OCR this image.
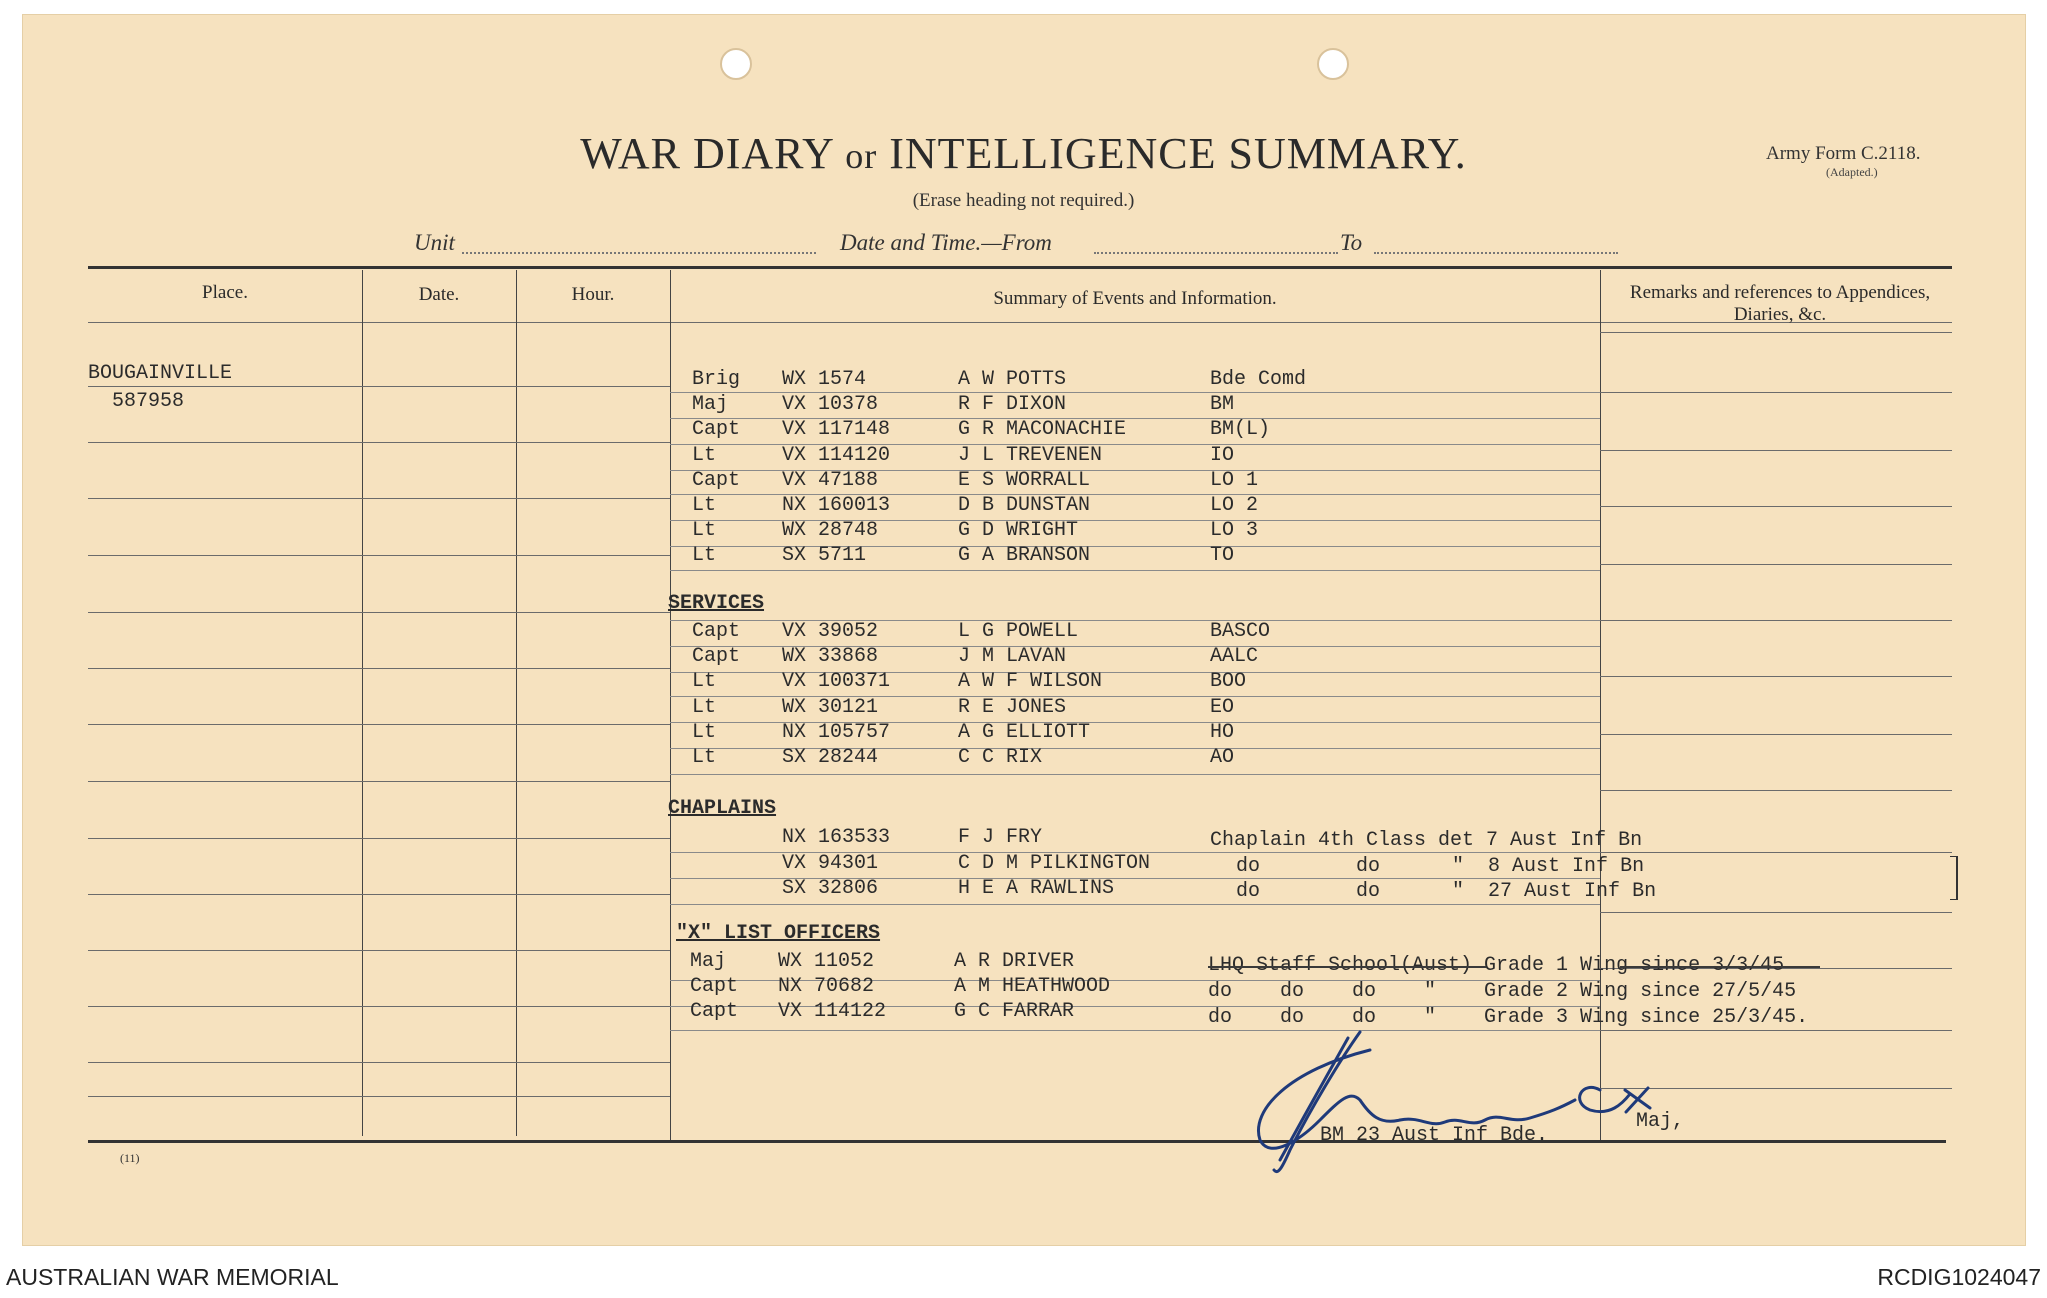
WAR DIARY or INTELLIGENCE SUMMARY.
(Erase heading not required.)
Army Form C.2118.
(Adapted.)
Unit	Date and Time.—From	To
Place.	Date.	Hour.	Summary of Events and Information.	Remarks and references to Appendices, Diaries, &c.
BOUGAINVILLE
587958
Brig WX 1574	A W POTTS	Bde Comd
Maj	VX 10378	R F DIXON	BM
Capt VX 117148	G R MACONACHIE	BM(L)
Lt	VX 114120	J L TREVENEN	IO
Capt VX 47188	E S WORRALL	LO 1
Lt	NX 160013	D B DUNSTAN	LO 2
Lt	WX 28748	G D WRIGHT	LO 3
Lt	SX 5711	G A BRANSON	TO
SERVICES
Capt VX 39052	L G POWELL	BASCO
Capt WX 33868	J M LAVAN	AALC
Lt	VX 100371	A W F WILSON	BOO
Lt	WX 30121	R E JONES	EO
Lt	NX 105757	A G ELLIOTT	HO
Lt	SX 28244	C C RIX	AO
CHAPLAINS
NX 163533	F J FRY	Chaplain 4th Class det 7 Aust Inf Bn
VX 94301	C D M PILKINGTON	do        do      "  8 Aust Inf Bn
SX 32806	H E A RAWLINS	do        do      "  27 Aust Inf Bn
"X" LIST OFFICERS
Maj	WX 11052	A R DRIVER	LHQ Staff School(Aust) Grade 1 Wing since 3/3/45
Capt NX 70682	A M HEATHWOOD	do    do    do    "    Grade 2 Wing since 27/5/45
Capt VX 114122	G C FARRAR	do    do    do    "    Grade 3 Wing since 25/3/45.
BM 23 Aust Inf Bde.
Maj,
(11)
AUSTRALIAN WAR MEMORIAL	RCDIG1024047
